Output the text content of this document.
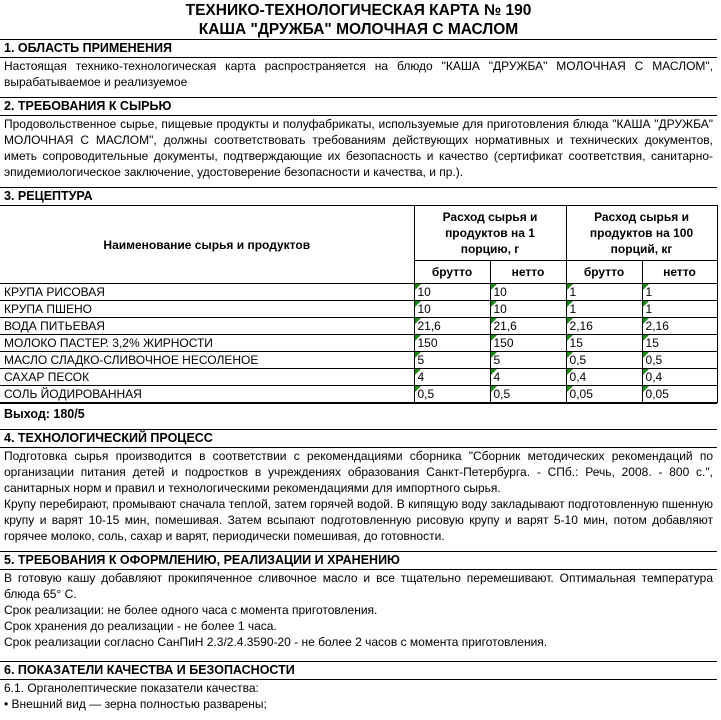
ТЕХНИКО-ТЕХНОЛОГИЧЕСКАЯ КАРТА № 190
КАША "ДРУЖБА" МОЛОЧНАЯ С МАСЛОМ
1. ОБЛАСТЬ ПРИМЕНЕНИЯ
Настоящая технико-технологическая карта распространяется на блюдо "КАША "ДРУЖБА" МОЛОЧНАЯ С МАСЛОМ", вырабатываемое и реализуемое
2. ТРЕБОВАНИЯ К СЫРЬЮ
Продовольственное сырье, пищевые продукты и полуфабрикаты, используемые для приготовления блюда "КАША "ДРУЖБА" МОЛОЧНАЯ С МАСЛОМ", должны соответствовать требованиям действующих нормативных и технических документов, иметь сопроводительные документы, подтверждающие их безопасность и качество (сертификат соответствия, санитарно-эпидемиологическое заключение, удостоверение безопасности и качества, и пр.).
3. РЕЦЕПТУРА
Наименование сырья и продуктов	Расход сырья и продуктов на 1 порцию, г		Расход сырья и продуктов на 100 порций, кг	
	брутто	нетто	брутто	нетто
КРУПА РИСОВАЯ	10	10	1	1
КРУПА ПШЕНО	10	10	1	1
ВОДА ПИТЬЕВАЯ	21,6	21,6	2,16	2,16
МОЛОКО ПАСТЕР. 3,2% ЖИРНОСТИ	150	150	15	15
МАСЛО СЛАДКО-СЛИВОЧНОЕ НЕСОЛЕНОЕ	5	5	0,5	0,5
САХАР ПЕСОК	4	4	0,4	0,4
СОЛЬ ЙОДИРОВАННАЯ	0,5	0,5	0,05	0,05
Выход: 180/5
4. ТЕХНОЛОГИЧЕСКИЙ ПРОЦЕСС
Подготовка сырья производится в соответствии с рекомендациями сборника "Сборник методических рекомендаций по организации питания детей и подростков в учреждениях образования Санкт-Петербурга. - СПб.: Речь, 2008. - 800 с.", санитарных норм и правил и технологическими рекомендациями для импортного сырья.
Крупу перебирают, промывают сначала теплой, затем горячей водой. В кипящую воду закладывают подготовленную пшенную крупу и варят 10-15 мин, помешивая. Затем всыпают подготовленную рисовую крупу и варят 5-10 мин, потом добавляют горячее молоко, соль, сахар и варят, периодически помешивая, до готовности.
5. ТРЕБОВАНИЯ К ОФОРМЛЕНИЮ, РЕАЛИЗАЦИИ И ХРАНЕНИЮ
В готовую кашу добавляют прокипяченное сливочное масло и все тщательно перемешивают. Оптимальная температура блюда 65° С.
Срок реализации: не более одного часа с момента приготовления.
Срок хранения до реализации - не более 1 часа.
Срок реализации согласно СанПиН 2.3/2.4.3590-20 - не более 2 часов с момента приготовления.
6. ПОКАЗАТЕЛИ КАЧЕСТВА И БЕЗОПАСНОСТИ
6.1. Органолептические показатели качества:
• Внешний вид — зерна полностью разварены;
